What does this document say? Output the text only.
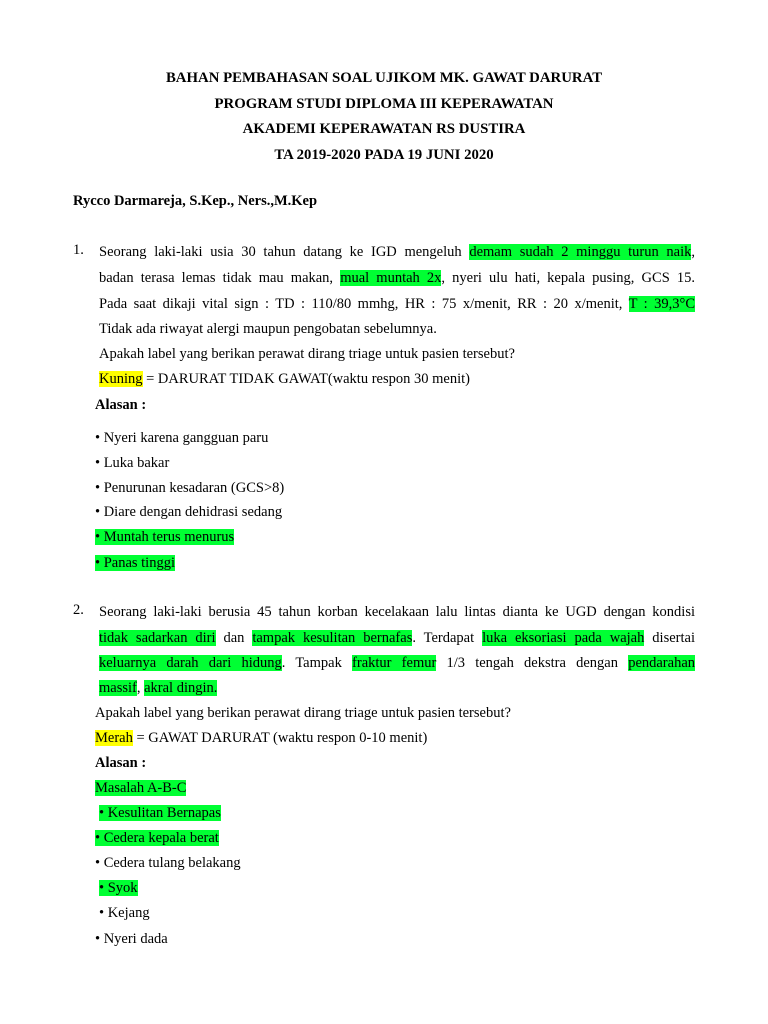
BAHAN PEMBAHASAN SOAL UJIKOM MK. GAWAT DARURAT
PROGRAM STUDI DIPLOMA III KEPERAWATAN
AKADEMI KEPERAWATAN RS DUSTIRA
TA 2019-2020 PADA 19 JUNI 2020
Rycco Darmareja, S.Kep., Ners.,M.Kep
1. Seorang laki-laki usia 30 tahun datang ke IGD mengeluh demam sudah 2 minggu turun naik,
badan terasa lemas tidak mau makan, mual muntah 2x, nyeri ulu hati, kepala pusing, GCS 15.
Pada saat dikaji vital sign : TD : 110/80 mmhg, HR : 75 x/menit, RR : 20 x/menit, T : 39,3°C
Tidak ada riwayat alergi maupun pengobatan sebelumnya.
Apakah label yang berikan perawat dirang triage untuk pasien tersebut?
Kuning = DARURAT TIDAK GAWAT(waktu respon 30 menit)
Alasan :
• Nyeri karena gangguan paru
• Luka bakar
• Penurunan kesadaran (GCS>8)
• Diare dengan dehidrasi sedang
• Muntah terus menurus
• Panas tinggi
2. Seorang laki-laki berusia 45 tahun korban kecelakaan lalu lintas dianta ke UGD dengan kondisi
tidak sadarkan diri dan tampak kesulitan bernafas. Terdapat luka eksoriasi pada wajah disertai
keluarnya darah dari hidung. Tampak fraktur femur 1/3 tengah dekstra dengan pendarahan
massif, akral dingin.
Apakah label yang berikan perawat dirang triage untuk pasien tersebut?
Merah = GAWAT DARURAT (waktu respon 0-10 menit)
Alasan :
Masalah A-B-C
• Kesulitan Bernapas
• Cedera kepala berat
• Cedera tulang belakang
• Syok
• Kejang
• Nyeri dada
